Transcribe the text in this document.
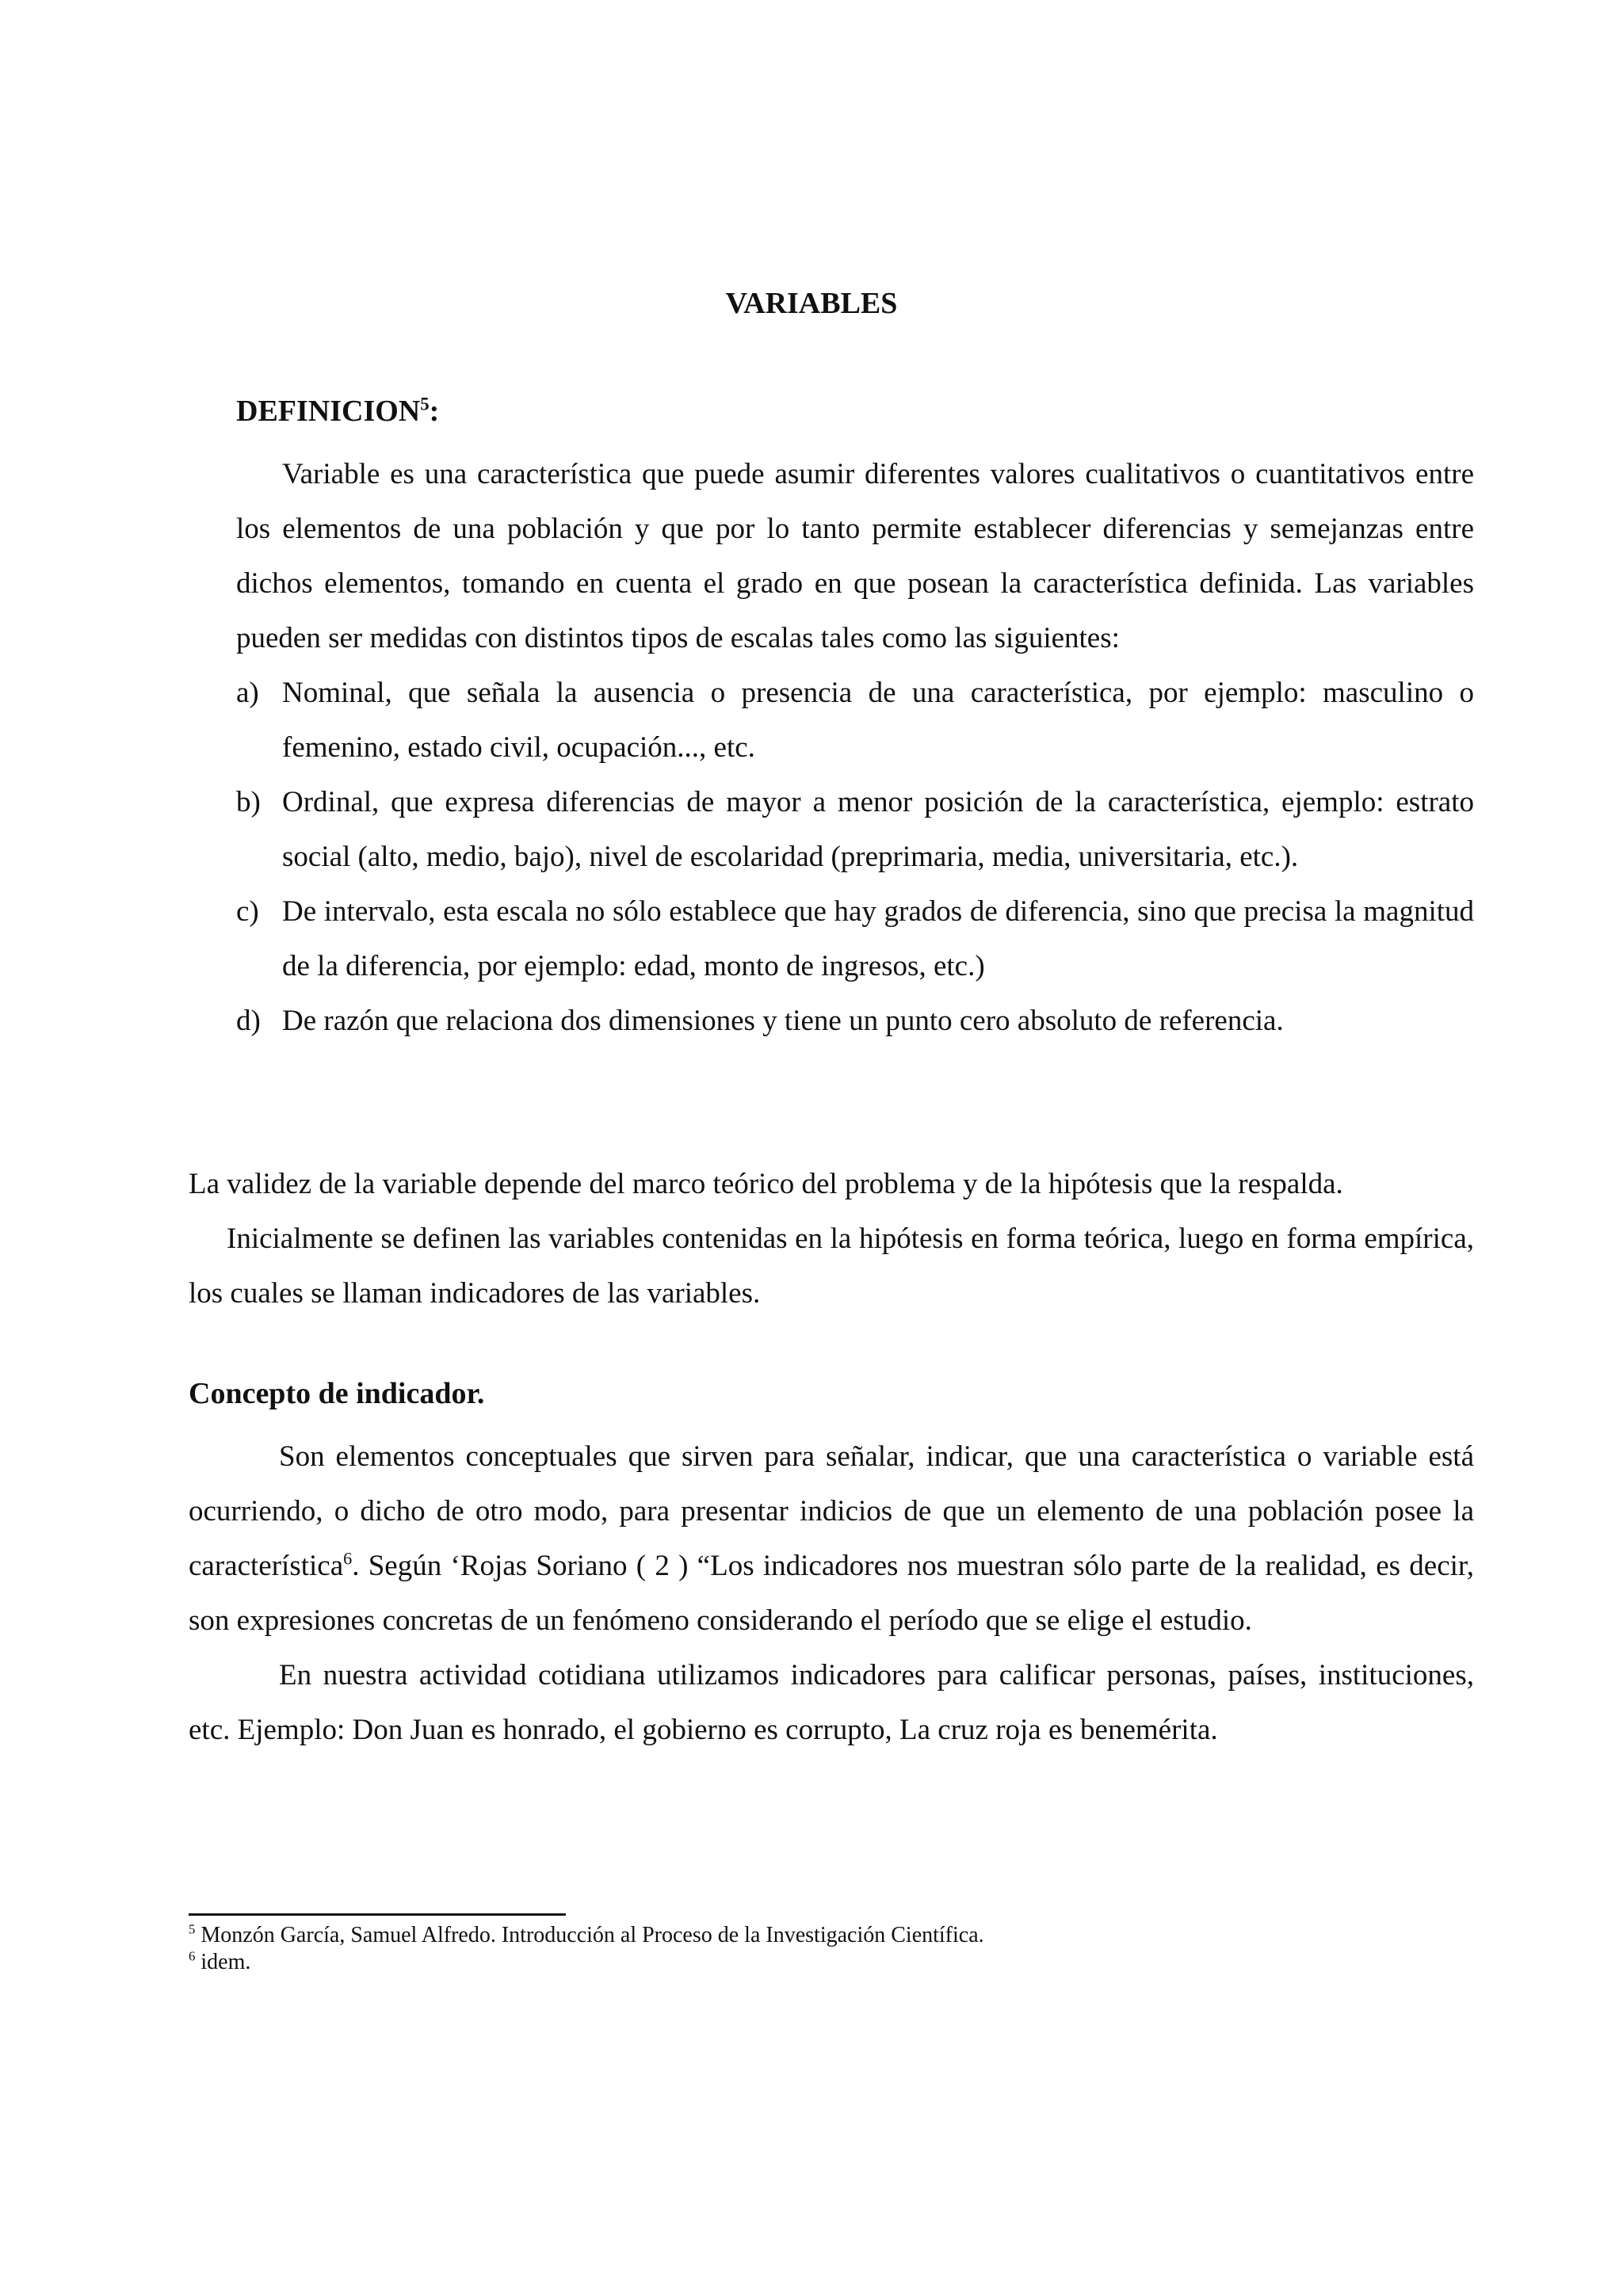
VARIABLES
DEFINICION$^5$:

Variable es una característica que puede asumir diferentes valores cualitativos o cuantitativos entre los elementos de una población y que por lo tanto permite establecer diferencias y semejanzas entre dichos elementos, tomando en cuenta el grado en que posean la característica definida. Las variables pueden ser medidas con distintos tipos de escalas tales como las siguientes:

a) Nominal, que señala la ausencia o presencia de una característica, por ejemplo: masculino o femenino, estado civil, ocupación..., etc.
b) Ordinal, que expresa diferencias de mayor a menor posición de la característica, ejemplo: estrato social (alto, medio, bajo), nivel de escolaridad (preprimaria, media, universitaria, etc.).
c) De intervalo, esta escala no sólo establece que hay grados de diferencia, sino que precisa la magnitud de la diferencia, por ejemplo: edad, monto de ingresos, etc.)
d) De razón que relaciona dos dimensiones y tiene un punto cero absoluto de referencia.

La validez de la variable depende del marco teórico del problema y de la hipótesis que la respalda.

Inicialmente se definen las variables contenidas en la hipótesis en forma teórica, luego en forma empírica, los cuales se llaman indicadores de las variables.

Concepto de indicador.

Son elementos conceptuales que sirven para señalar, indicar, que una característica o variable está ocurriendo, o dicho de otro modo, para presentar indicios de que un elemento de una población posee la característica$^6$. Según ‘Rojas Soriano ( 2 ) “Los indicadores nos muestran sólo parte de la realidad, es decir, son expresiones concretas de un fenómeno considerando el período que se elige el estudio.

En nuestra actividad cotidiana utilizamos indicadores para calificar personas, países, instituciones, etc. Ejemplo: Don Juan es honrado, el gobierno es corrupto, La cruz roja es benemérita.

$^5$ Monzón García, Samuel Alfredo. Introducción al Proceso de la Investigación Científica.
$^6$ idem.
